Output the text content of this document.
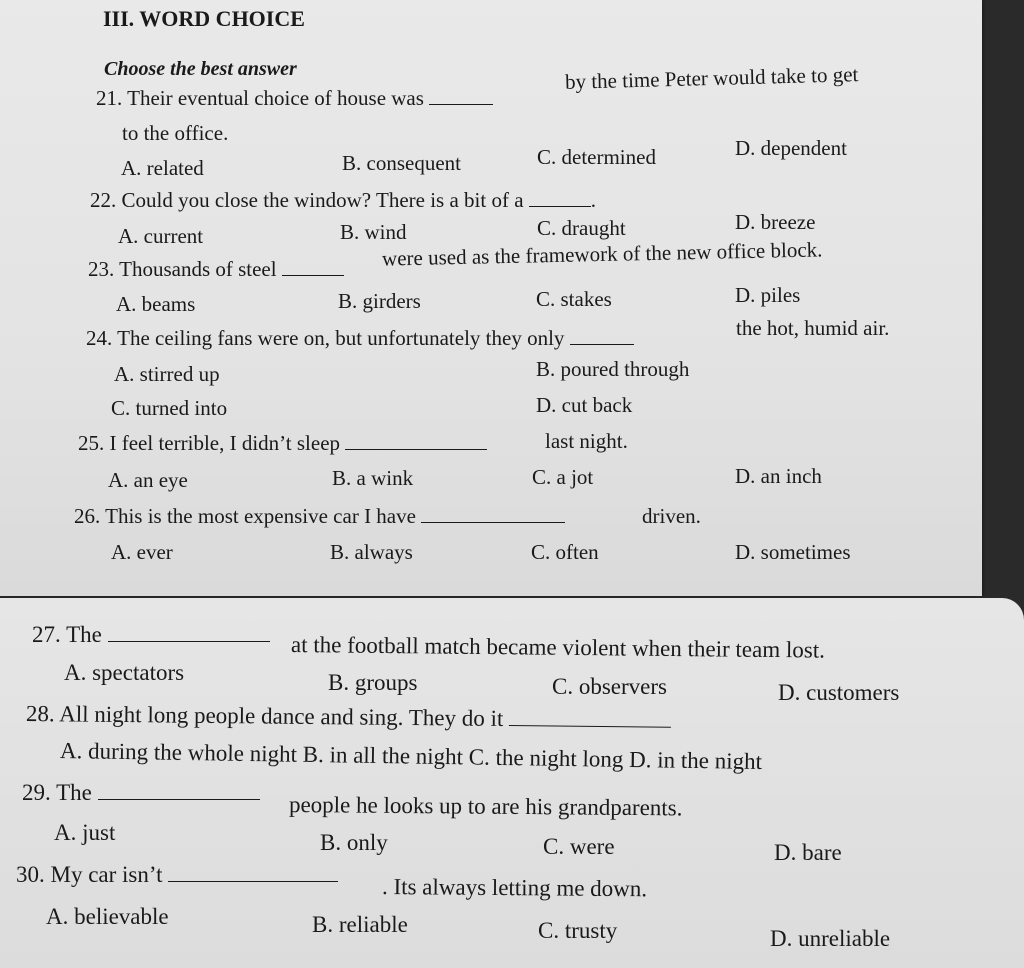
III. WORD CHOICE
Choose the best answer
21. Their eventual choice of house was
by the time Peter would take to get
to the office.
A. related	B. consequent	C. determined	D. dependent
22. Could you close the window? There is a bit of a	.
A. current	B. wind	C. draught	D. breeze
23. Thousands of steel	were used as the framework of the new office block.
A. beams	B. girders	C. stakes	D. piles
24. The ceiling fans were on, but unfortunately they only	the hot, humid air.
A. stirred up	B. poured through
C. turned into	D. cut back
25. I feel terrible, I didn’t sleep	last night.
A. an eye	B. a wink	C. a jot	D. an inch
26. This is the most expensive car I have	driven.
A. ever	B. always	C. often	D. sometimes
27. The	at the football match became violent when their team lost.
A. spectators	B. groups	C. observers	D. customers
28. All night long people dance and sing. They do it
A. during the whole night B. in all the night C. the night long D. in the night
29. The	people he looks up to are his grandparents.
A. just	B. only	C. were	D. bare
30. My car isn’t	. Its always letting me down.
A. believable	B. reliable	C. trusty	D. unreliable
